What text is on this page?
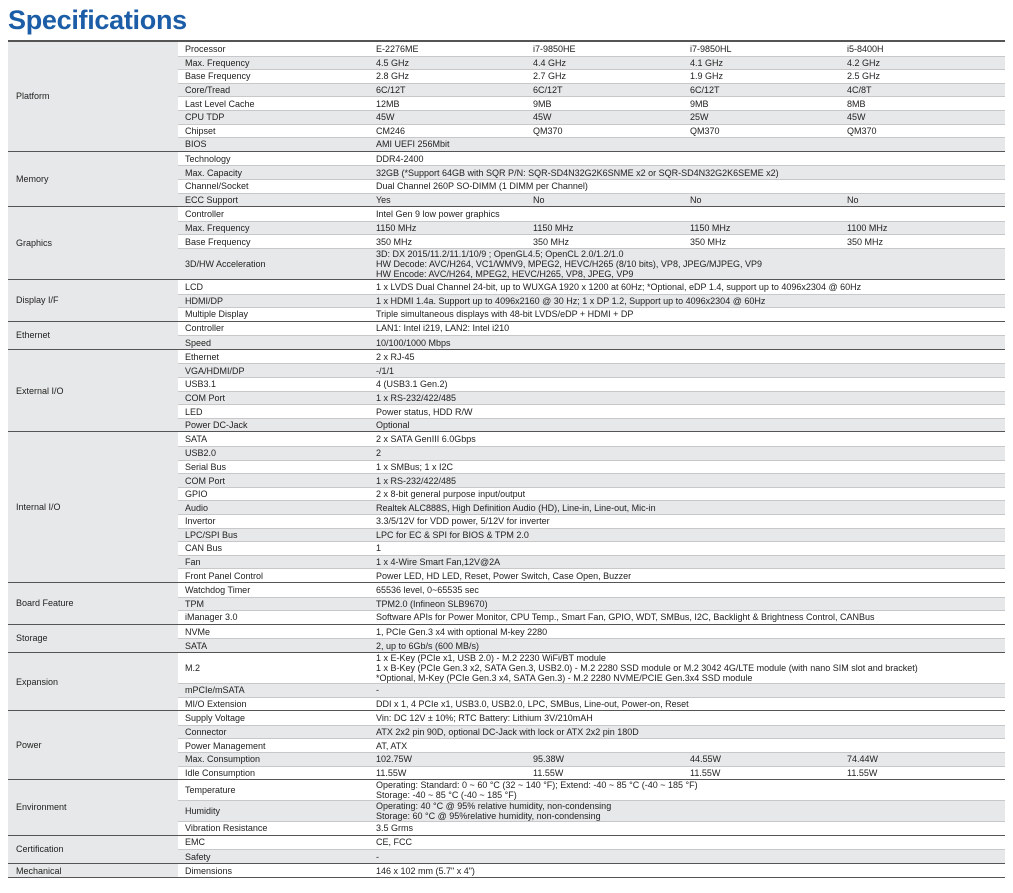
Specifications
Platform
Processor	E-2276ME	i7-9850HE	i7-9850HL	i5-8400H
Max. Frequency	4.5 GHz	4.4 GHz	4.1 GHz	4.2 GHz
Base Frequency	2.8 GHz	2.7 GHz	1.9 GHz	2.5 GHz
Core/Tread	6C/12T	6C/12T	6C/12T	4C/8T
Last Level Cache	12MB	9MB	9MB	8MB
CPU TDP	45W	45W	25W	45W
Chipset	CM246	QM370	QM370	QM370
BIOS	AMI UEFI 256Mbit
Memory
Technology	DDR4-2400
Max. Capacity	32GB (*Support 64GB with SQR P/N: SQR-SD4N32G2K6SNME x2 or SQR-SD4N32G2K6SEME x2)
Channel/Socket	Dual Channel 260P SO-DIMM (1 DIMM per Channel)
ECC Support	Yes	No	No	No
Graphics
Controller	Intel Gen 9 low power graphics
Max. Frequency	1150 MHz	1150 MHz	1150 MHz	1100 MHz
Base Frequency	350 MHz	350 MHz	350 MHz	350 MHz
3D/HW Acceleration
3D: DX 2015/11.2/11.1/10/9 ; OpenGL4.5; OpenCL 2.0/1.2/1.0
HW Decode: AVC/H264, VC1/WMV9, MPEG2, HEVC/H265 (8/10 bits), VP8, JPEG/MJPEG, VP9
HW Encode: AVC/H264, MPEG2, HEVC/H265, VP8, JPEG, VP9
Display I/F
LCD	1 x LVDS Dual Channel 24-bit, up to WUXGA 1920 x 1200 at 60Hz; *Optional, eDP 1.4, support up to 4096x2304 @ 60Hz
HDMI/DP	1 x HDMI 1.4a. Support up to 4096x2160 @ 30 Hz; 1 x DP 1.2, Support up to 4096x2304 @ 60Hz
Multiple Display	Triple simultaneous displays with 48-bit LVDS/eDP + HDMI + DP
Ethernet
Controller	LAN1: Intel i219, LAN2: Intel i210
Speed	10/100/1000 Mbps
External I/O
Ethernet	2 x RJ-45
VGA/HDMI/DP	-/1/1
USB3.1	4 (USB3.1 Gen.2)
COM Port	1 x RS-232/422/485
LED	Power status, HDD R/W
Power DC-Jack	Optional
Internal I/O
SATA	2 x SATA GenIII 6.0Gbps
USB2.0	2
Serial Bus	1 x SMBus; 1 x I2C
COM Port	1 x RS-232/422/485
GPIO	2 x 8-bit general purpose input/output
Audio	Realtek ALC888S, High Definition Audio (HD), Line-in, Line-out, Mic-in
Invertor	3.3/5/12V for VDD power, 5/12V for inverter
LPC/SPI Bus	LPC for EC & SPI for BIOS & TPM 2.0
CAN Bus	1
Fan	1 x 4-Wire Smart Fan,12V@2A
Front Panel Control	Power LED, HD LED, Reset, Power Switch, Case Open, Buzzer
Board Feature
Watchdog Timer	65536 level, 0~65535 sec
TPM	TPM2.0 (Infineon SLB9670)
iManager 3.0	Software APIs for Power Monitor, CPU Temp., Smart Fan, GPIO, WDT, SMBus, I2C, Backlight & Brightness Control, CANBus
Storage
NVMe	1, PCIe Gen.3 x4 with optional M-key 2280
SATA	2, up to 6Gb/s (600 MB/s)
Expansion
M.2
1 x E-Key (PCIe x1, USB 2.0) - M.2 2230 WiFi/BT module
1 x B-Key (PCIe Gen.3 x2, SATA Gen.3, USB2.0) - M.2 2280 SSD module or M.2 3042 4G/LTE module (with nano SIM slot and bracket)
*Optional, M-Key (PCIe Gen.3 x4, SATA Gen.3) - M.2 2280 NVME/PCIE Gen.3x4 SSD module
mPCIe/mSATA	-
MI/O Extension	DDI x 1, 4 PCIe x1, USB3.0, USB2.0, LPC, SMBus, Line-out, Power-on, Reset
Power
Supply Voltage	Vin: DC 12V ± 10%; RTC Battery: Lithium 3V/210mAH
Connector	ATX 2x2 pin 90D, optional DC-Jack with lock or ATX 2x2 pin 180D
Power Management	AT, ATX
Max. Consumption	102.75W	95.38W	44.55W	74.44W
Idle Consumption	11.55W	11.55W	11.55W	11.55W
Environment
Temperature	Operating: Standard: 0 ~ 60 °C (32 ~ 140 °F); Extend: -40 ~ 85 °C (-40 ~ 185 °F)
Storage: -40 ~ 85 °C (-40 ~ 185 °F)
Humidity	Operating: 40 °C @ 95% relative humidity, non-condensing
Storage: 60 °C @ 95%relative humidity, non-condensing
Vibration Resistance	3.5 Grms
Certification
EMC	CE, FCC
Safety	-
Mechanical	Dimensions	146 x 102 mm (5.7" x 4")
